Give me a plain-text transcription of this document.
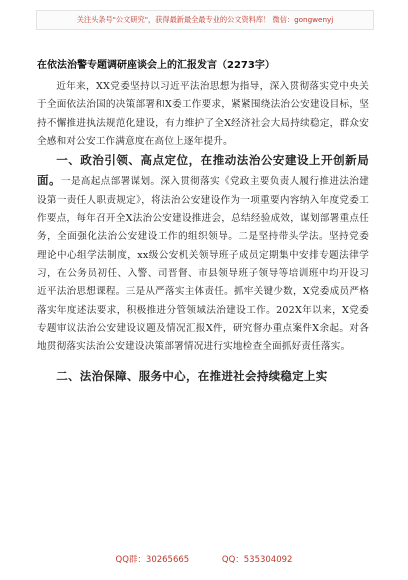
关注头条号"公文研究"，获得最新最全最专业的公文资料库！ 微信：gongwenyj
在依法治警专题调研座谈会上的汇报发言（2273字）

近年来，XX党委坚持以习近平法治思想为指导，深入贯彻落实党中央关于全面依法治国的决策部署和X委工作要求，紧紧围绕法治公安建设目标，坚持不懈推进执法规范化建设，有力维护了全X经济社会大局持续稳定，群众安全感和对公安工作满意度在高位上逐年提升。

一、政治引领、高点定位，在推动法治公安建设上开创新局面。一是高起点部署谋划。深入贯彻落实《党政主要负责人履行推进法治建设第一责任人职责规定》，将法治公安建设作为一项重要内容纳入年度党委工作要点，每年召开全X法治公安建设推进会，总结经验成效，谋划部署重点任务，全面强化法治公安建设工作的组织领导。二是坚持带头学法。坚持党委理论中心组学法制度，xx级公安机关领导班子成员定期集中安排专题法律学习，在公务员初任、入警、司晋督、市县领导班子领导等培训班中均开设习近平法治思想课程。三是从严落实主体责任。抓牢关键少数，X党委成员严格落实年度述法要求，积极推进分管领域法治建设工作。202X年以来，X党委专题审议法治公安建设议题及情况汇报X件，研究督办重点案件X余起。对各地贯彻落实法治公安建设决策部署情况进行实地检查全面抓好责任落实。

二、法治保障、服务中心，在推进社会持续稳定上实

QQ群：30265665	QQ：535304092
